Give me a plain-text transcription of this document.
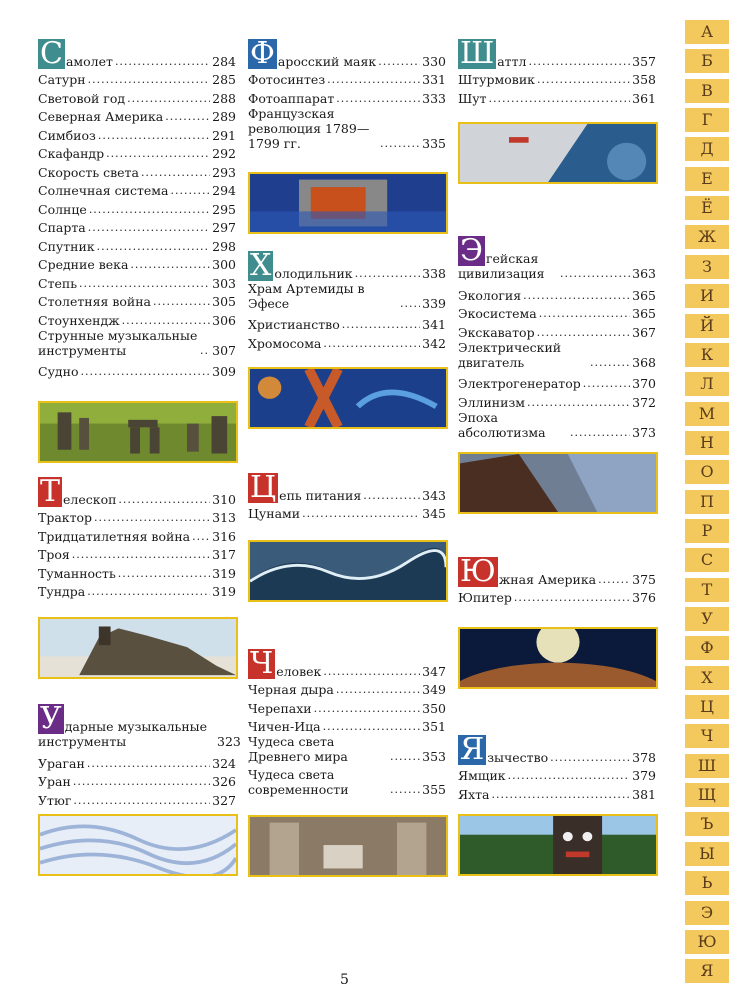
С амолет .....	284
Сатурн .....	285
Световой год .....	288
Северная Америка .....	289
Симбиоз .....	291
Скафандр .....	292
Скорость света .....	293
Солнечная система .....	294
Солнце .....	295
Спарта .....	297
Спутник .....	298
Средние века .....	300
Степь .....	303
Столетняя война .....	305
Стоунхендж .....	306
Струнные музыкальные инструменты .....	307
Судно .....	309
Т елескоп .....	310
Трактор .....	313
Тридцатилетняя война ..... 316
Троя .....	317
Туманность .....	319
Тундра .....	319
У дарные музыкальные инструменты	323
Ураган .....	324
Уран .....	326
Утюг .....	327
Ф аросский маяк .....	330
Фотосинтез .....	331
Фотоаппарат .....	333
Французская революция 1789—1799 гг. .....	335
Х олодильник .....	338
Храм Артемиды в Эфесе .....	339
Христианство .....	341
Хромосома .....	342
Ц епь питания .....	343
Цунами .....	345
Ч еловек .....	347
Черная дыра .....	349
Черепахи .....	350
Чичен-Ица .....	351
Чудеса света Древнего мира .....	353
Чудеса света современности .....	355
Ш аттл .....	357
Штурмовик .....	358
Шут .....	361
Э гейская цивилизация .....	363
Экология .....	365
Экосистема .....	365
Экскаватор .....	367
Электрический двигатель .....	368
Электрогенератор .....	370
Эллинизм .....	372
Эпоха абсолютизма .....	373
Ю жная Америка .....	375
Юпитер .....	376
Я зычество .....	378
Ямщик .....	379
Яхта .....	381
А
Б
В
Г
Д
Е
Ё
Ж
З
И
Й
К
Л
М
Н
О
П
Р
С
Т
У
Ф
Х
Ц
Ч
Ш
Щ
Ъ
Ы
Ь
Э
Ю
Я
5
